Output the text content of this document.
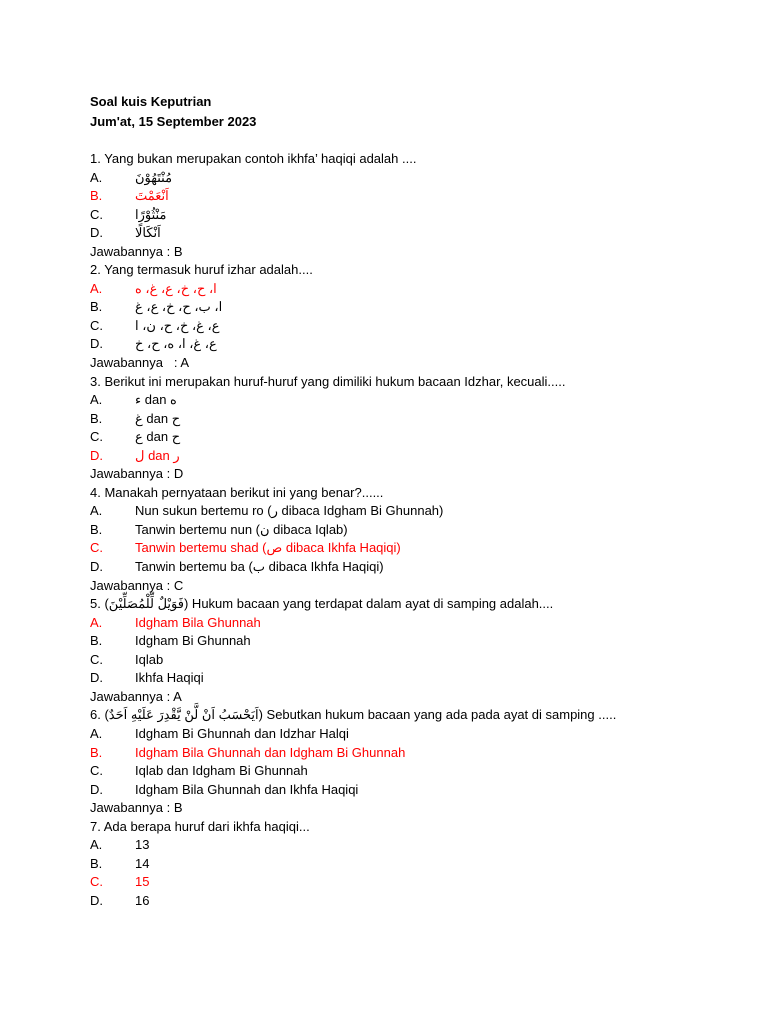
Soal kuis Keputrian
Jum'at, 15 September 2023
1. Yang bukan merupakan contoh ikhfa’ haqiqi adalah ....
A.	مُنْتَهُوْنَ
B.	اَنْعَمْتَ
C.	مَنْثُوْرًا
D.	اَنْكَالًا
Jawabannya : B
2. Yang termasuk huruf izhar adalah....
A.	ا، ح، خ، ع، غ، ه
B.	ا، ب، ح، خ، ع، غ
C.	ع، غ، خ، ح، ن، ا
D.	ع، غ، ا، ه، ح، خ
Jawabannya   : A
3. Berikut ini merupakan huruf-huruf yang dimiliki hukum bacaan Idzhar, kecuali.....
A.	ء dan ه
B.	غ dan ح
C.	ع dan ح
D.	ل dan ر
Jawabannya : D
4. Manakah pernyataan berikut ini yang benar?......
A.	Nun sukun bertemu ro (ر dibaca Idgham Bi Ghunnah)
B.	Tanwin bertemu nun (ن dibaca Iqlab)
C.	Tanwin bertemu shad (ص dibaca Ikhfa Haqiqi)
D.	Tanwin bertemu ba (ب dibaca Ikhfa Haqiqi)
Jawabannya : C
5. (فَوَيْلٌ لِّلْمُصَلِّيْنَ) Hukum bacaan yang terdapat dalam ayat di samping adalah....
A.	Idgham Bila Ghunnah
B.	Idgham Bi Ghunnah
C.	Iqlab
D.	Ikhfa Haqiqi
Jawabannya : A
6. (اَيَحْسَبُ اَنْ لَّنْ يَّقْدِرَ عَلَيْهِ اَحَدٌ) Sebutkan hukum bacaan yang ada pada ayat di samping .....
A.	Idgham Bi Ghunnah dan Idzhar Halqi
B.	Idgham Bila Ghunnah dan Idgham Bi Ghunnah
C.	Iqlab dan Idgham Bi Ghunnah
D.	Idgham Bila Ghunnah dan Ikhfa Haqiqi
Jawabannya : B
7. Ada berapa huruf dari ikhfa haqiqi...
A.	13
B.	14
C.	15
D.	16
